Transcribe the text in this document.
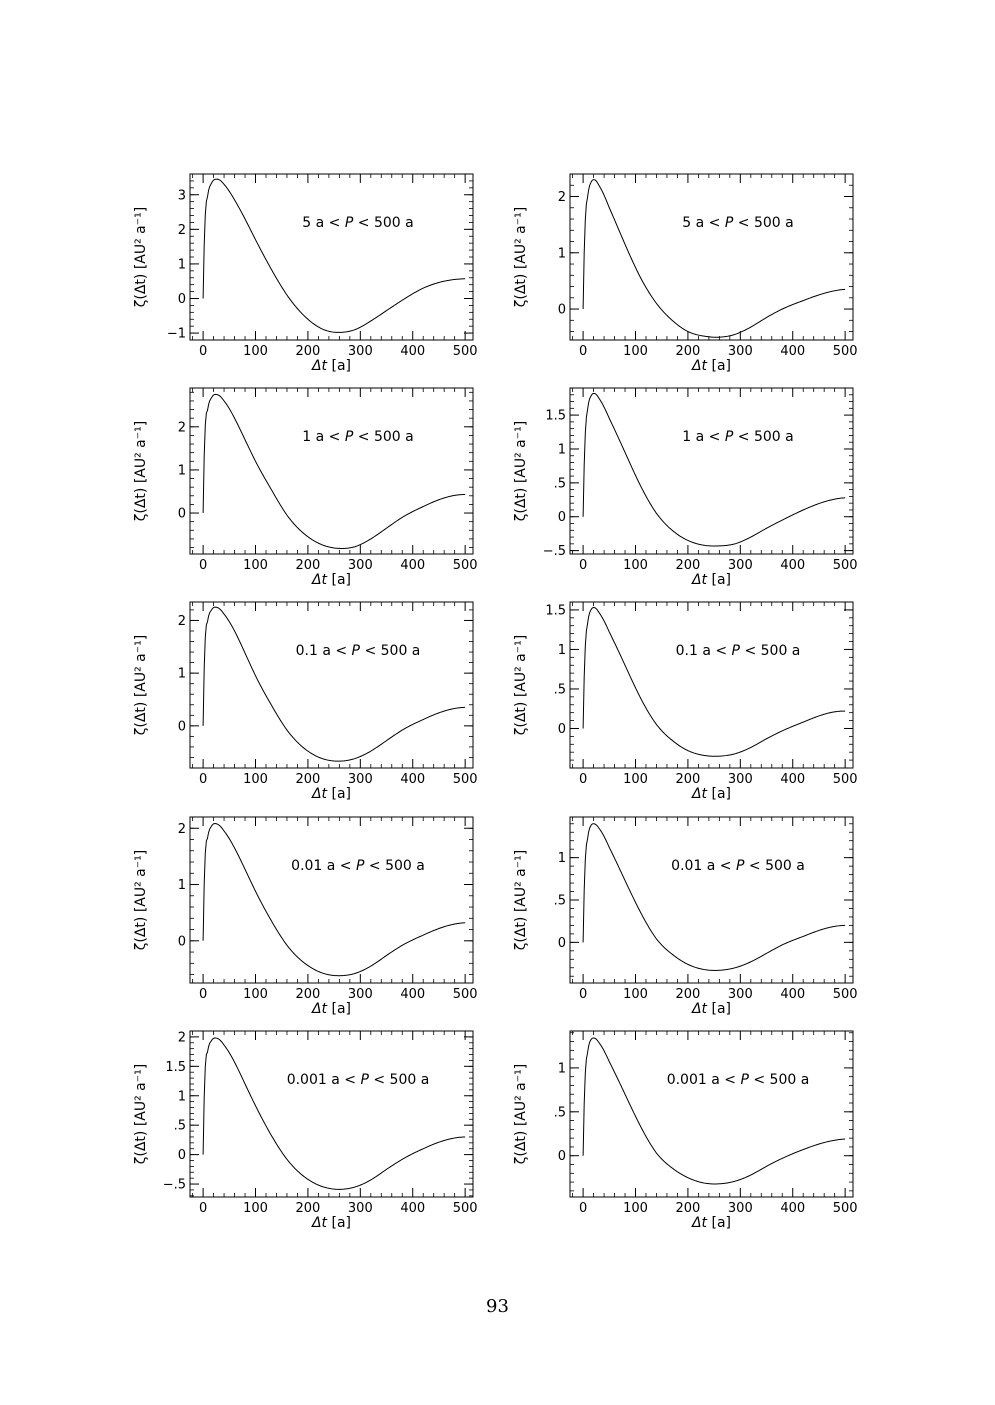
0	100 200 300 400 500
−1
0
1
2
3
Δt [a]
ζ(Δt) [AU² a⁻¹]	5 a < P < 500 a
0	100 200 300 400 500
0
1
2
Δt [a]
ζ(Δt) [AU² a⁻¹]	5 a < P < 500 a
0	100 200 300 400 500
0
1
2
Δt [a]
ζ(Δt) [AU² a⁻¹]	1 a < P < 500 a
0	100 200 300 400 500
−.5
0
.5
1
1.5
Δt [a]
ζ(Δt) [AU² a⁻¹]	1 a < P < 500 a
0	100 200 300 400 500
0
1
2
Δt [a]
ζ(Δt) [AU² a⁻¹]	0.1 a < P < 500 a
0	100 200 300 400 500
0
.5
1
1.5
Δt [a]
ζ(Δt) [AU² a⁻¹]	0.1 a < P < 500 a
0	100 200 300 400 500
0
1
2
Δt [a]
ζ(Δt) [AU² a⁻¹]	0.01 a < P < 500 a
0	100 200 300 400 500
0
.5
1
Δt [a]
ζ(Δt) [AU² a⁻¹]	0.01 a < P < 500 a
0	100 200 300 400 500
−.5
0
.5
1
1.5
2
Δt [a]
ζ(Δt) [AU² a⁻¹]	0.001 a < P < 500 a
0	100 200 300 400 500
0
.5
1
Δt [a]
ζ(Δt) [AU² a⁻¹]	0.001 a < P < 500 a
93
